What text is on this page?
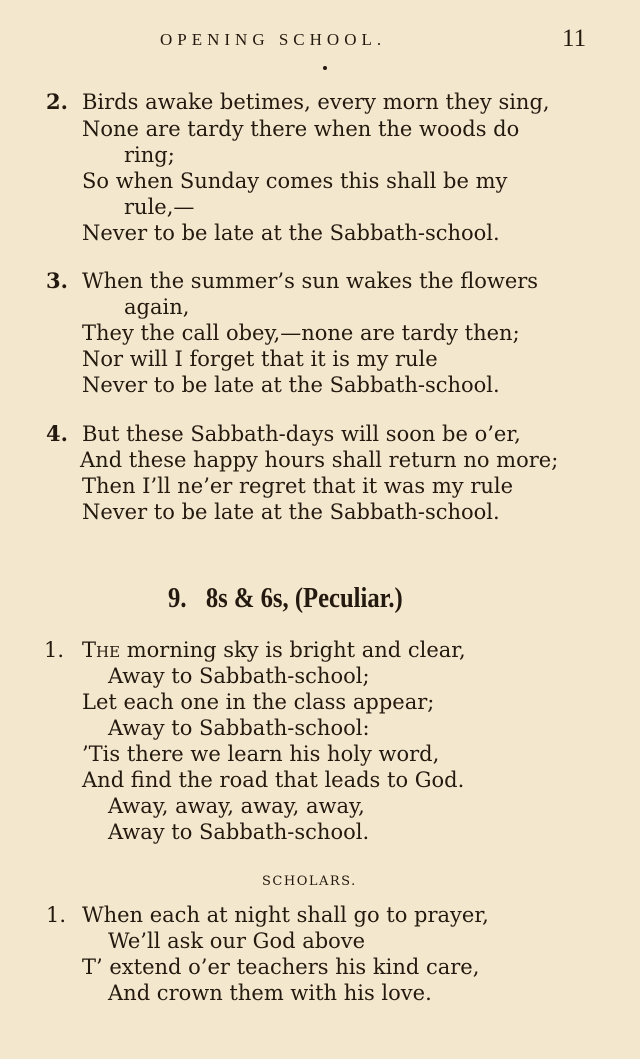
OPENING SCHOOL.	11
2. Birds awake betimes, every morn they sing,
None are tardy there when the woods do
ring;
So when Sunday comes this shall be my
rule,—
Never to be late at the Sabbath-school.
3. When the summer’s sun wakes the flowers
again,
They the call obey,—none are tardy then;
Nor will I forget that it is my rule
Never to be late at the Sabbath-school.
4. But these Sabbath-days will soon be o’er,
And these happy hours shall return no more;
Then I’ll ne’er regret that it was my rule
Never to be late at the Sabbath-school.
9. 8s & 6s, (Peculiar.)
1. The morning sky is bright and clear,
Away to Sabbath-school;
Let each one in the class appear;
Away to Sabbath-school:
’Tis there we learn his holy word,
And find the road that leads to God.
Away, away, away, away,
Away to Sabbath-school.
SCHOLARS.
1. When each at night shall go to prayer,
We’ll ask our God above
T’ extend o’er teachers his kind care,
And crown them with his love.
